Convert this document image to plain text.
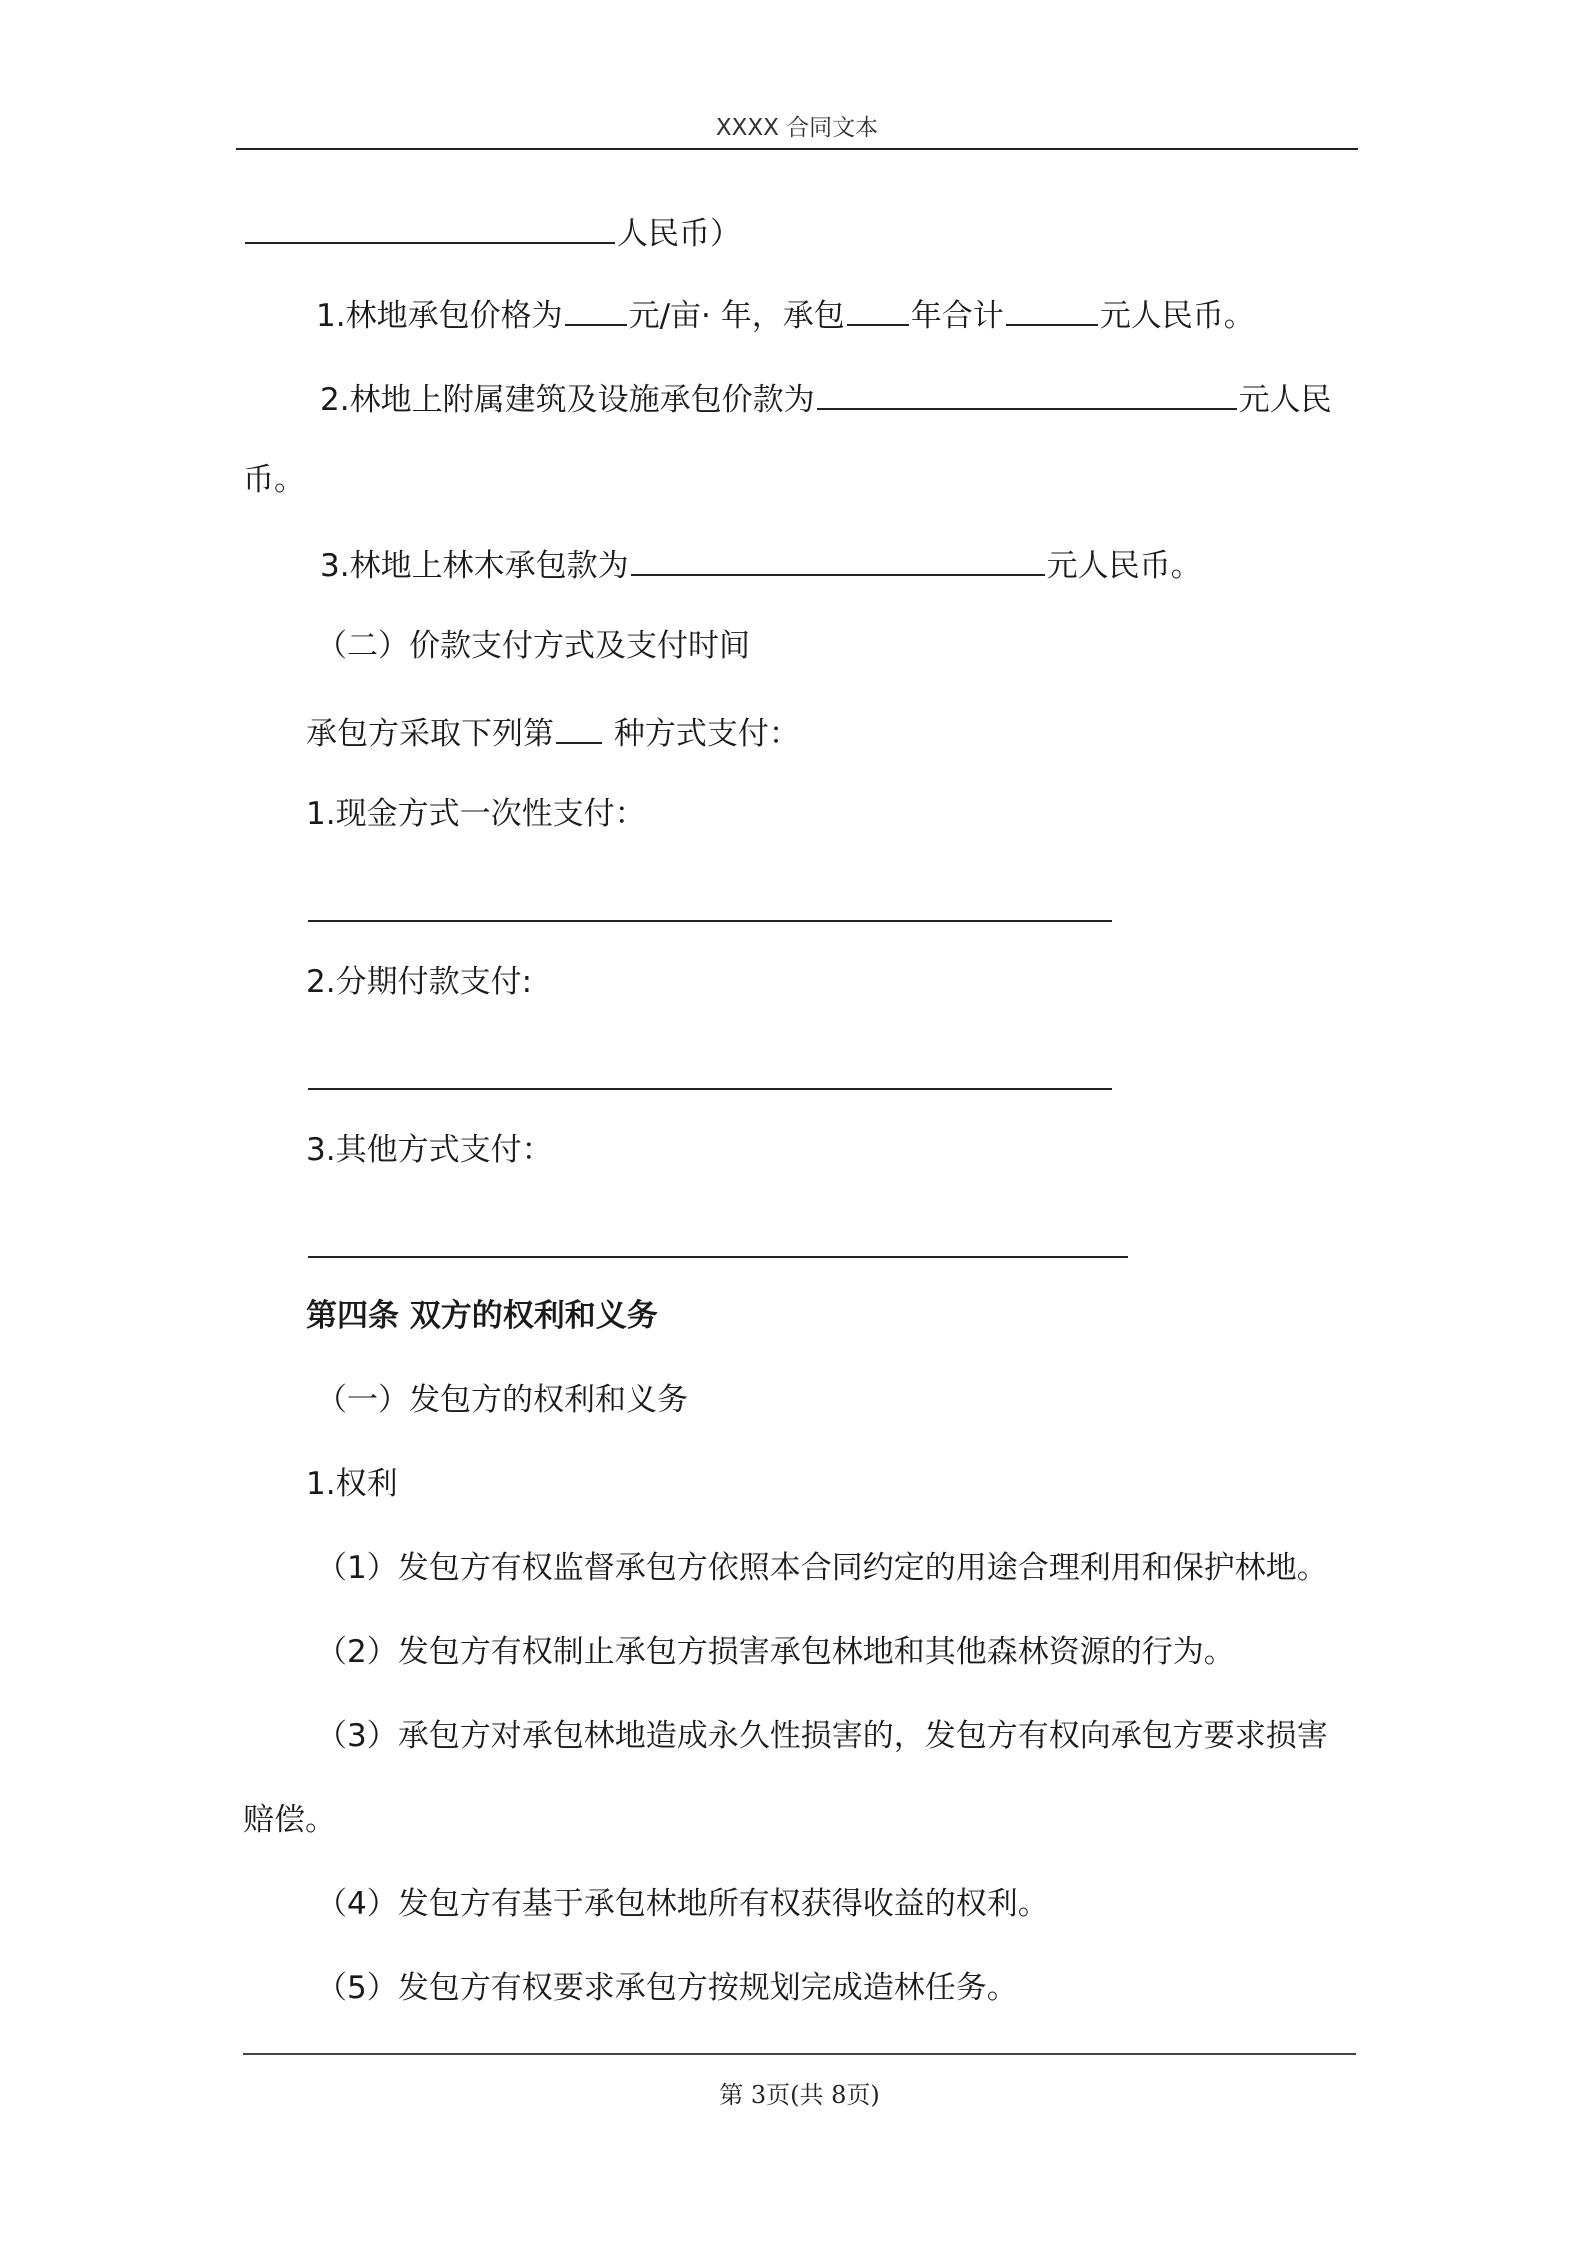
XXXX 合同文本
人民币）
1.林地承包价格为 元/亩· 年，承包 年合计	元人民币。
2.林地上附属建筑及设施承包价款为	元人民
币。
3.林地上林木承包款为	元人民币。
（二）价款支付方式及支付时间
承包方采取下列第 种方式支付：
1.现金方式一次性支付：
2.分期付款支付:
3.其他方式支付：
第四条 双方的权利和义务
（一）发包方的权利和义务
1.权利
（1）发包方有权监督承包方依照本合同约定的用途合理利用和保护林地。
（2）发包方有权制止承包方损害承包林地和其他森林资源的行为。
（3）承包方对承包林地造成永久性损害的，发包方有权向承包方要求损害
赔偿。
（4）发包方有基于承包林地所有权获得收益的权利。
（5）发包方有权要求承包方按规划完成造林任务。
第 3页(共 8页)
